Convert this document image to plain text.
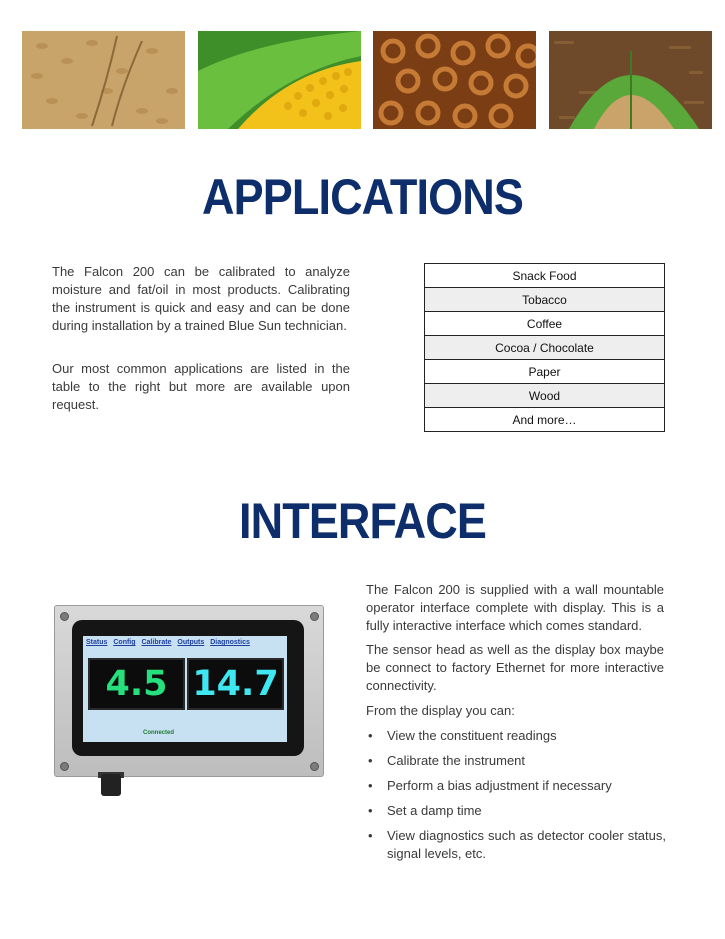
APPLICATIONS

The Falcon 200 can be calibrated to analyze moisture and fat/oil in most products. Calibrating the instrument is quick and easy and can be done during installation by a trained Blue Sun technician.

Our most common applications are listed in the table to the right but more are available upon request.

Snack Food
Tobacco
Coffee
Cocoa / Chocolate
Paper
Wood
And more…
INTERFACE
Status Config Calibrate Outputs Diagnostics
4.5 14.7
Connected

The Falcon 200 is supplied with a wall mountable operator interface complete with display. This is a fully interactive interface which comes standard.

The sensor head as well as the display box maybe be connect to factory Ethernet for more interactive connectivity.

From the display you can:

• View the constituent readings
• Calibrate the instrument
• Perform a bias adjustment if necessary
• Set a damp time
• View diagnostics such as detector cooler status, signal levels, etc.
